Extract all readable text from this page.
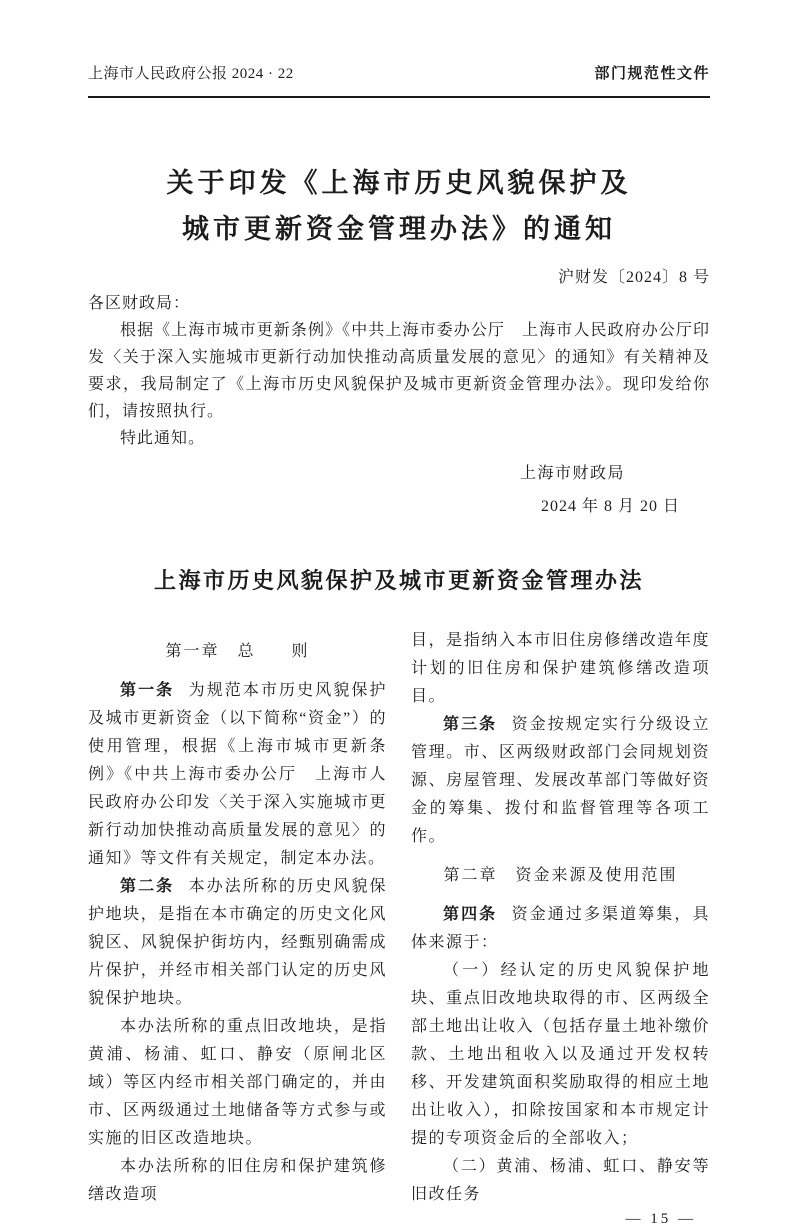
上海市人民政府公报 2024 · 22	部门规范性文件
关于印发《上海市历史风貌保护及
城市更新资金管理办法》的通知
沪财发〔2024〕8 号

各区财政局：

根据《上海市城市更新条例》《中共上海市委办公厅　上海市人民政府办公厅印发〈关于深入实施城市更新行动加快推动高质量发展的意见〉的通知》有关精神及要求，我局制定了《上海市历史风貌保护及城市更新资金管理办法》。现印发给你们，请按照执行。

特此通知。

上海市财政局

2024 年 8 月 20 日

上海市历史风貌保护及城市更新资金管理办法

第一章　总　　则

第一条 为规范本市历史风貌保护及城市更新资金（以下简称“资金”）的使用管理，根据《上海市城市更新条例》《中共上海市委办公厅　上海市人民政府办公印发〈关于深入实施城市更新行动加快推动高质量发展的意见〉的通知》等文件有关规定，制定本办法。

第二条 本办法所称的历史风貌保护地块，是指在本市确定的历史文化风貌区、风貌保护街坊内，经甄别确需成片保护，并经市相关部门认定的历史风貌保护地块。

本办法所称的重点旧改地块，是指黄浦、杨浦、虹口、静安（原闸北区域）等区内经市相关部门确定的，并由市、区两级通过土地储备等方式参与或实施的旧区改造地块。

本办法所称的旧住房和保护建筑修缮改造项

目，是指纳入本市旧住房修缮改造年度计划的旧住房和保护建筑修缮改造项目。

第三条 资金按规定实行分级设立管理。市、区两级财政部门会同规划资源、房屋管理、发展改革部门等做好资金的筹集、拨付和监督管理等各项工作。

第二章　资金来源及使用范围

第四条 资金通过多渠道筹集，具体来源于：

（一）经认定的历史风貌保护地块、重点旧改地块取得的市、区两级全部土地出让收入（包括存量土地补缴价款、土地出租收入以及通过开发权转移、开发建筑面积奖励取得的相应土地出让收入），扣除按国家和本市规定计提的专项资金后的全部收入；

（二）黄浦、杨浦、虹口、静安等旧改任务

— 15 —
